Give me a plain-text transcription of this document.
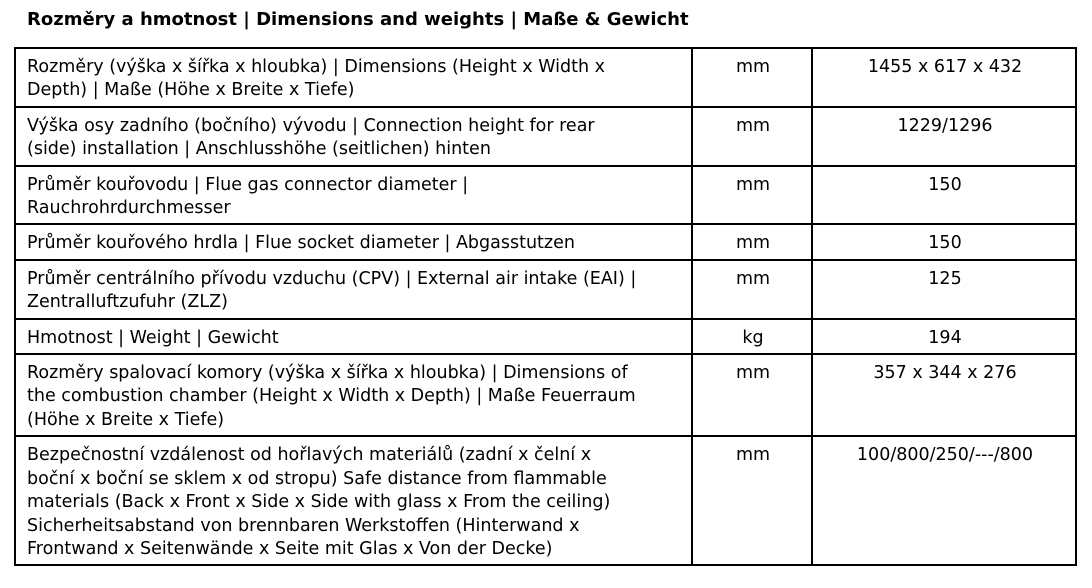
Rozměry a hmotnost | Dimensions and weights | Maße & Gewicht
Rozměry (výška x šířka x hloubka) | Dimensions (Height x Width x
Depth) | Maße (Höhe x Breite x Tiefe)	mm	1455 x 617 x 432
Výška osy zadního (bočního) vývodu | Connection height for rear
(side) installation | Anschlusshöhe (seitlichen) hinten	mm	1229/1296
Průměr kouřovodu | Flue gas connector diameter |
Rauchrohrdurchmesser	mm	150
Průměr kouřového hrdla | Flue socket diameter | Abgasstutzen	mm	150
Průměr centrálního přívodu vzduchu (CPV) | External air intake (EAI) |
Zentralluftzufuhr (ZLZ)	mm	125
Hmotnost | Weight | Gewicht	kg	194
Rozměry spalovací komory (výška x šířka x hloubka) | Dimensions of
the combustion chamber (Height x Width x Depth) | Maße Feuerraum
(Höhe x Breite x Tiefe)	mm	357 x 344 x 276
Bezpečnostní vzdálenost od hořlavých materiálů (zadní x čelní x
boční x boční se sklem x od stropu) Safe distance from flammable
materials (Back x Front x Side x Side with glass x From the ceiling)
Sicherheitsabstand von brennbaren Werkstoffen (Hinterwand x
Frontwand x Seitenwände x Seite mit Glas x Von der Decke)	mm	100/800/250/---/800
